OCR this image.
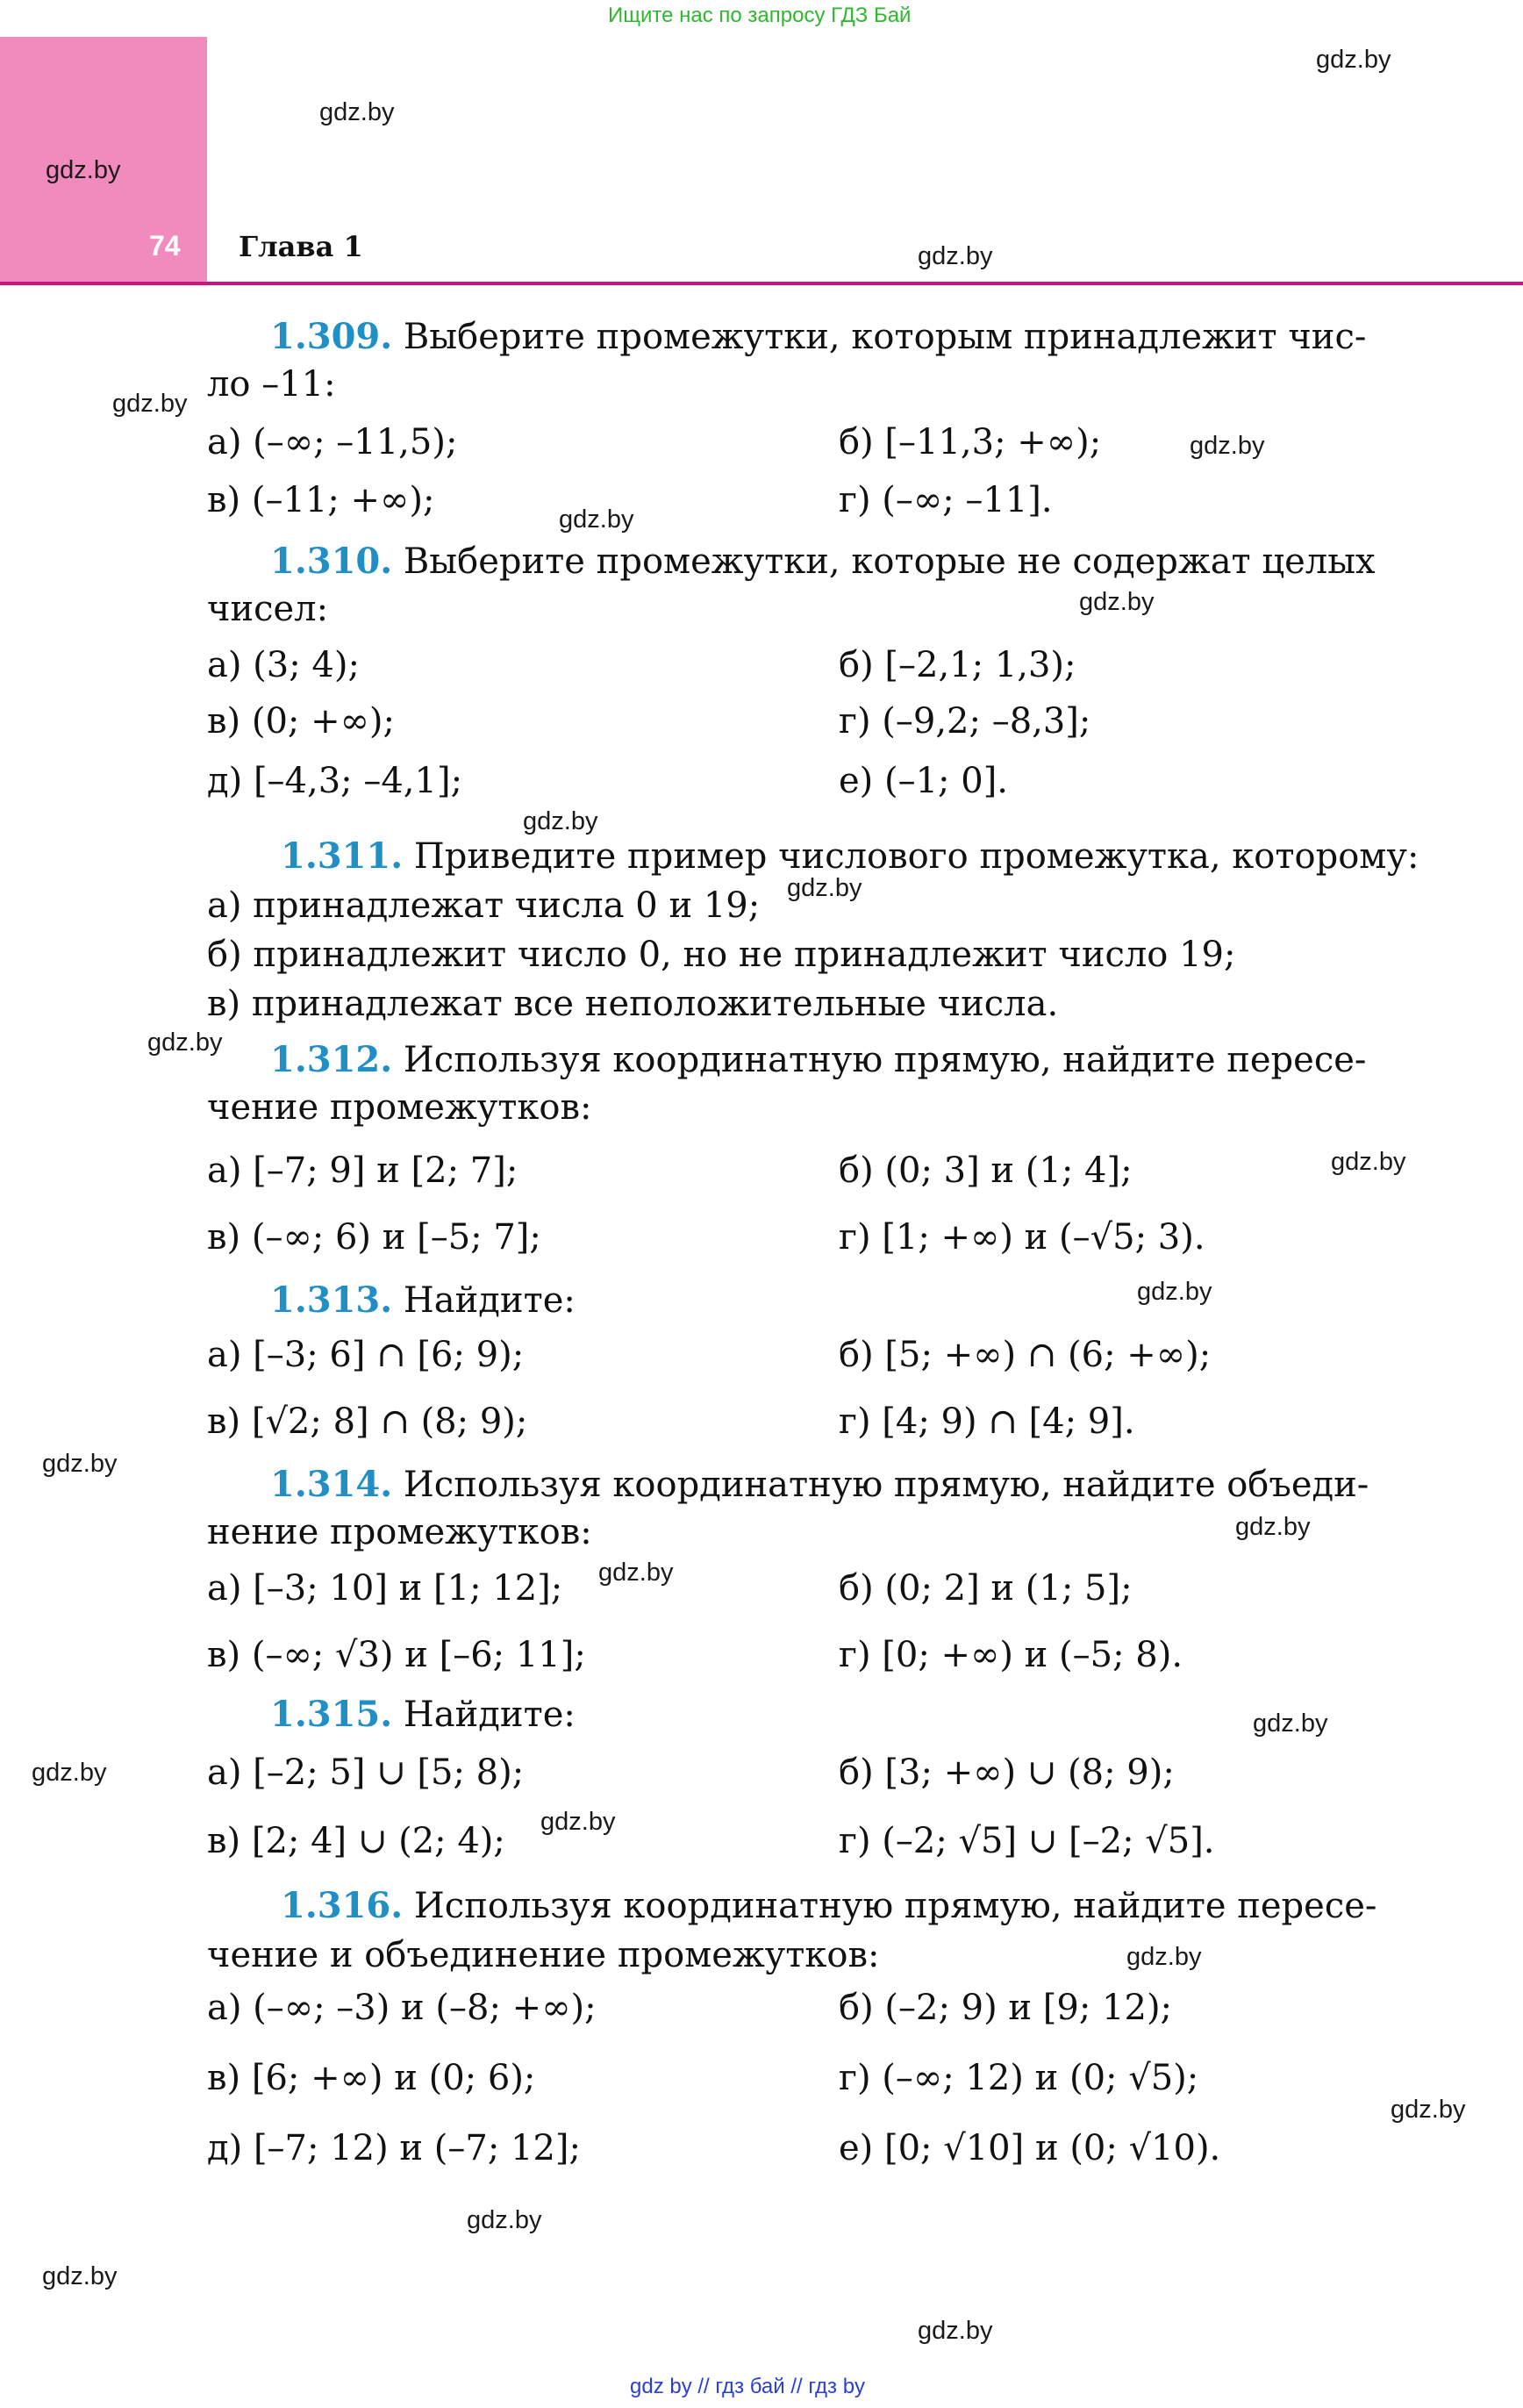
Ищите нас по запросу ГДЗ Бай
74 Глава 1
gdz.by
gdz.by
gdz.by
gdz.by
gdz.by
gdz.by
gdz.by
gdz.by
gdz.by
gdz.by
gdz.by
gdz.by
gdz.by
gdz.by
gdz.by
gdz.by
gdz.by
gdz.by
gdz.by
gdz.by
gdz.by
gdz.by
gdz.by
gdz.by
1.309. Выберите промежутки, которым принадлежит чис-
ло –11:
а) (–∞; –11,5);	б) [–11,3; +∞);
в) (–11; +∞);	г) (–∞; –11].
1.310. Выберите промежутки, которые не содержат целых
чисел:
а) (3; 4);	б) [–2,1; 1,3);
в) (0; +∞);	г) (–9,2; –8,3];
д) [–4,3; –4,1];	е) (–1; 0].
1.311. Приведите пример числового промежутка, которому:
а) принадлежат числа 0 и 19;
б) принадлежит число 0, но не принадлежит число 19;
в) принадлежат все неположительные числа.
1.312. Используя координатную прямую, найдите пересе-
чение промежутков:
а) [–7; 9] и [2; 7];	б) (0; 3] и (1; 4];
в) (–∞; 6) и [–5; 7];	г) [1; +∞) и (–√5; 3).
1.313. Найдите:
а) [–3; 6] ∩ [6; 9);	б) [5; +∞) ∩ (6; +∞);
в) [√2; 8] ∩ (8; 9);	г) [4; 9) ∩ [4; 9].
1.314. Используя координатную прямую, найдите объеди-
нение промежутков:
а) [–3; 10] и [1; 12];	б) (0; 2] и (1; 5];
в) (–∞; √3) и [–6; 11];	г) [0; +∞) и (–5; 8).
1.315. Найдите:
а) [–2; 5] ∪ [5; 8);	б) [3; +∞) ∪ (8; 9);
в) [2; 4] ∪ (2; 4);	г) (–2; √5] ∪ [–2; √5].
1.316. Используя координатную прямую, найдите пересе-
чение и объединение промежутков:
а) (–∞; –3) и (–8; +∞);	б) (–2; 9) и [9; 12);
в) [6; +∞) и (0; 6);	г) (–∞; 12) и (0; √5);
д) [–7; 12) и (–7; 12];	е) [0; √10] и (0; √10).
gdz by // гдз бай // гдз by
